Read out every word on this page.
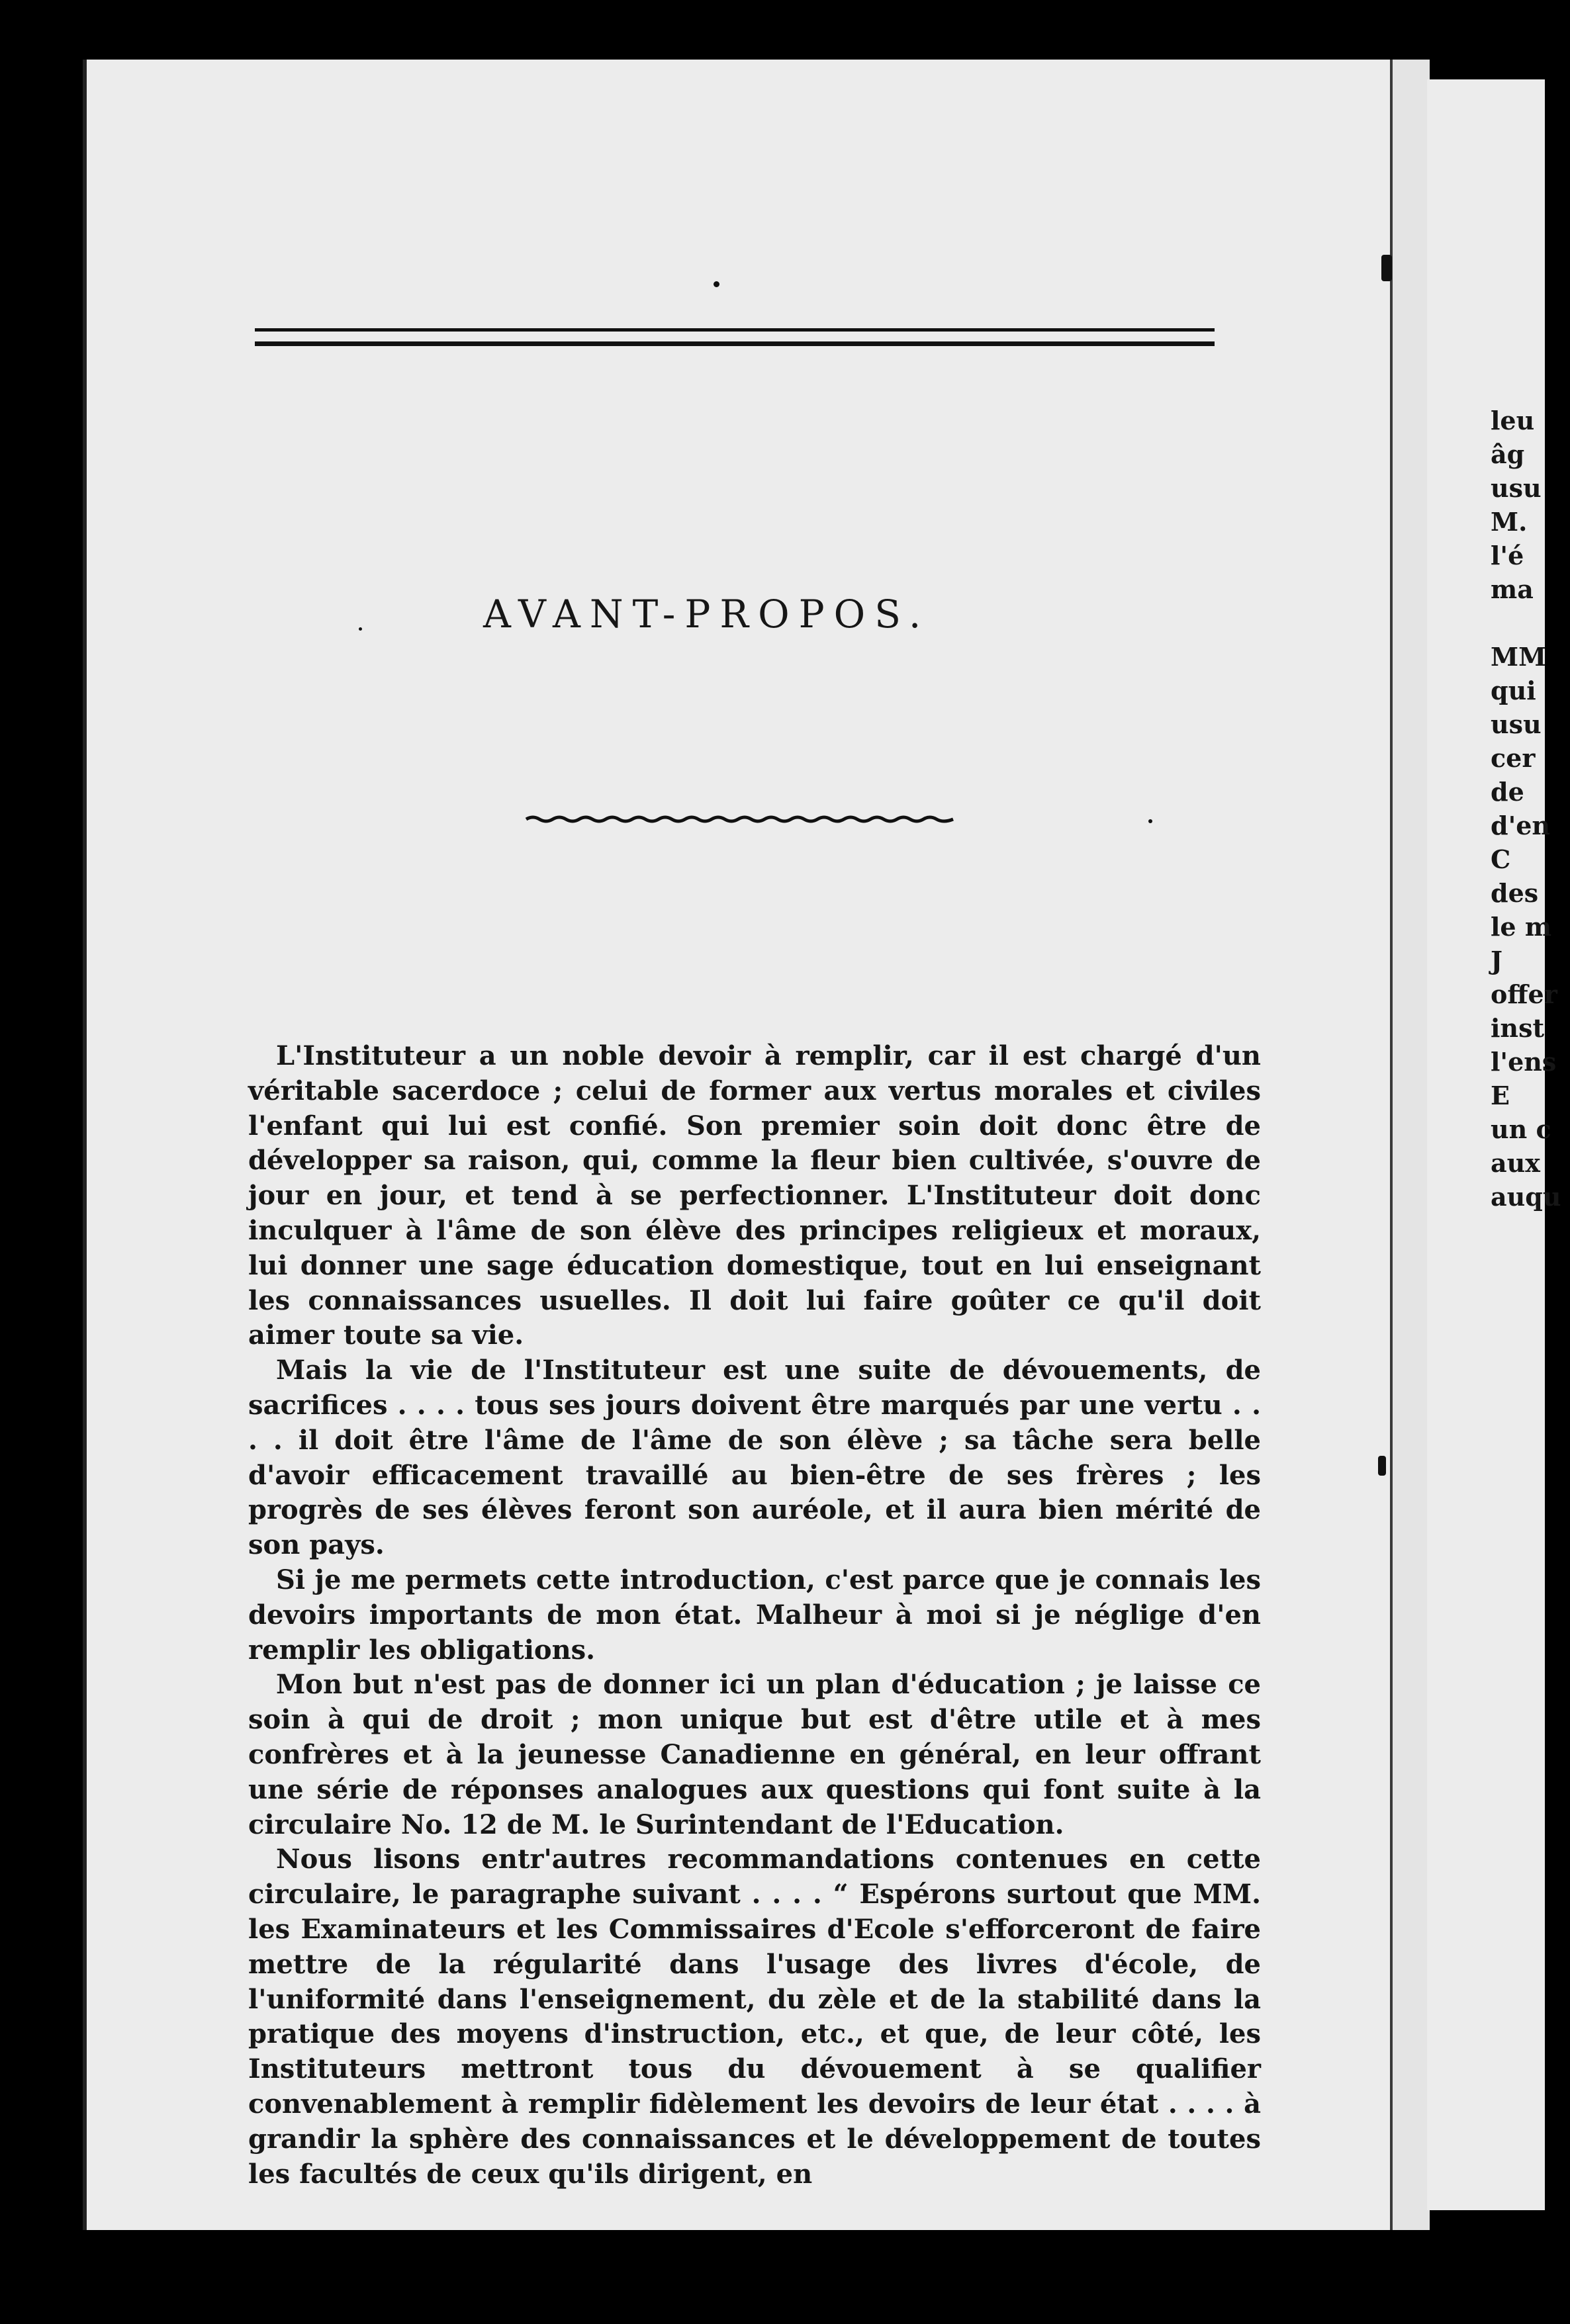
AVANT-PROPOS.

L'Instituteur a un noble devoir à remplir, car il est chargé d'un véritable sacerdoce ; celui de former aux vertus morales et civiles l'enfant qui lui est confié. Son premier soin doit donc être de développer sa raison, qui, comme la fleur bien cultivée, s'ouvre de jour en jour, et tend à se perfectionner. L'Instituteur doit donc inculquer à l'âme de son élève des principes religieux et moraux, lui donner une sage éducation domestique, tout en lui enseignant les connaissances usuelles. Il doit lui faire goûter ce qu'il doit aimer toute sa vie.

Mais la vie de l'Instituteur est une suite de dévouements, de sacrifices . . . . tous ses jours doivent être marqués par une vertu . . . . il doit être l'âme de l'âme de son élève ; sa tâche sera belle d'avoir efficacement travaillé au bien-être de ses frères ; les progrès de ses élèves feront son auréole, et il aura bien mérité de son pays.

Si je me permets cette introduction, c'est parce que je connais les devoirs importants de mon état. Malheur à moi si je néglige d'en remplir les obligations.

Mon but n'est pas de donner ici un plan d'éducation ; je laisse ce soin à qui de droit ; mon unique but est d'être utile et à mes confrères et à la jeunesse Canadienne en général, en leur offrant une série de réponses analogues aux questions qui font suite à la circulaire No. 12 de M. le Surintendant de l'Education.

Nous lisons entr'autres recommandations contenues en cette circulaire, le paragraphe suivant . . . . “ Espérons surtout que MM. les Examinateurs et les Commissaires d'Ecole s'efforceront de faire mettre de la régularité dans l'usage des livres d'école, de l'uniformité dans l'enseignement, du zèle et de la stabilité dans la pratique des moyens d'instruction, etc., et que, de leur côté, les Instituteurs mettront tous du dévouement à se qualifier convenablement à remplir fidèlement les devoirs de leur état . . . . à grandir la sphère des connaissances et le développement de toutes les facultés de ceux qu'ils dirigent, en

leu
âg
usu
M.
l'é
ma

MM
qui
usu
cer
de
d'en
C
des
le m
J
offer
inst
l'ens
E
un c
aux
auqu
